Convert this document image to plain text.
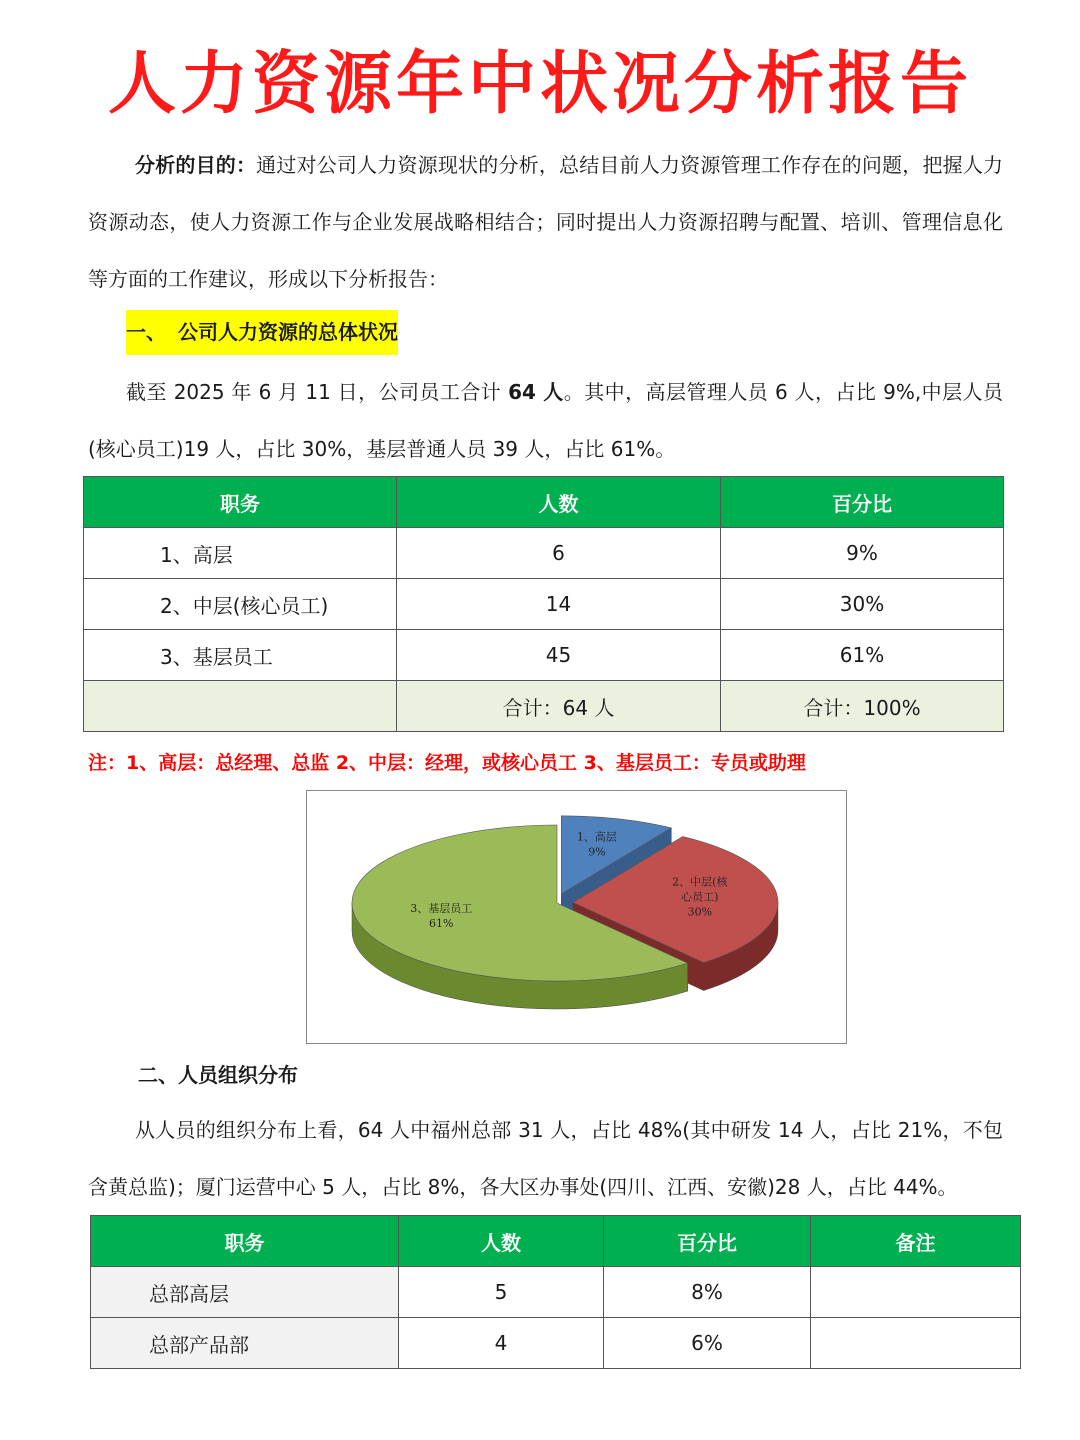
人力资源年中状况分析报告
分析的目的：通过对公司人力资源现状的分析，总结目前人力资源管理工作存在的问题，把握人力资源动态，使人力资源工作与企业发展战略相结合；同时提出人力资源招聘与配置、培训、管理信息化等方面的工作建议，形成以下分析报告：
一、 公司人力资源的总体状况
截至 2025 年 6 月 11 日，公司员工合计 64 人。其中，高层管理人员 6 人，占比 9%,中层人员(核心员工)19 人，占比 30%，基层普通人员 39 人，占比 61%。
职务	人数	百分比
1、高层	6	9%
2、中层(核心员工)	14	30%
3、基层员工	45	61%
	合计：64 人	合计：100%
注：1、高层：总经理、总监 2、中层：经理，或核心员工 3、基层员工：专员或助理
1、高层 9%
2、中层(核心员工) 30%
3、基层员工 61%
二、人员组织分布
从人员的组织分布上看，64 人中福州总部 31 人，占比 48%(其中研发 14 人，占比 21%，不包含黄总监)；厦门运营中心 5 人，占比 8%，各大区办事处(四川、江西、安徽)28 人，占比 44%。
职务	人数	百分比	备注
总部高层	5	8%	
总部产品部	4	6%	
